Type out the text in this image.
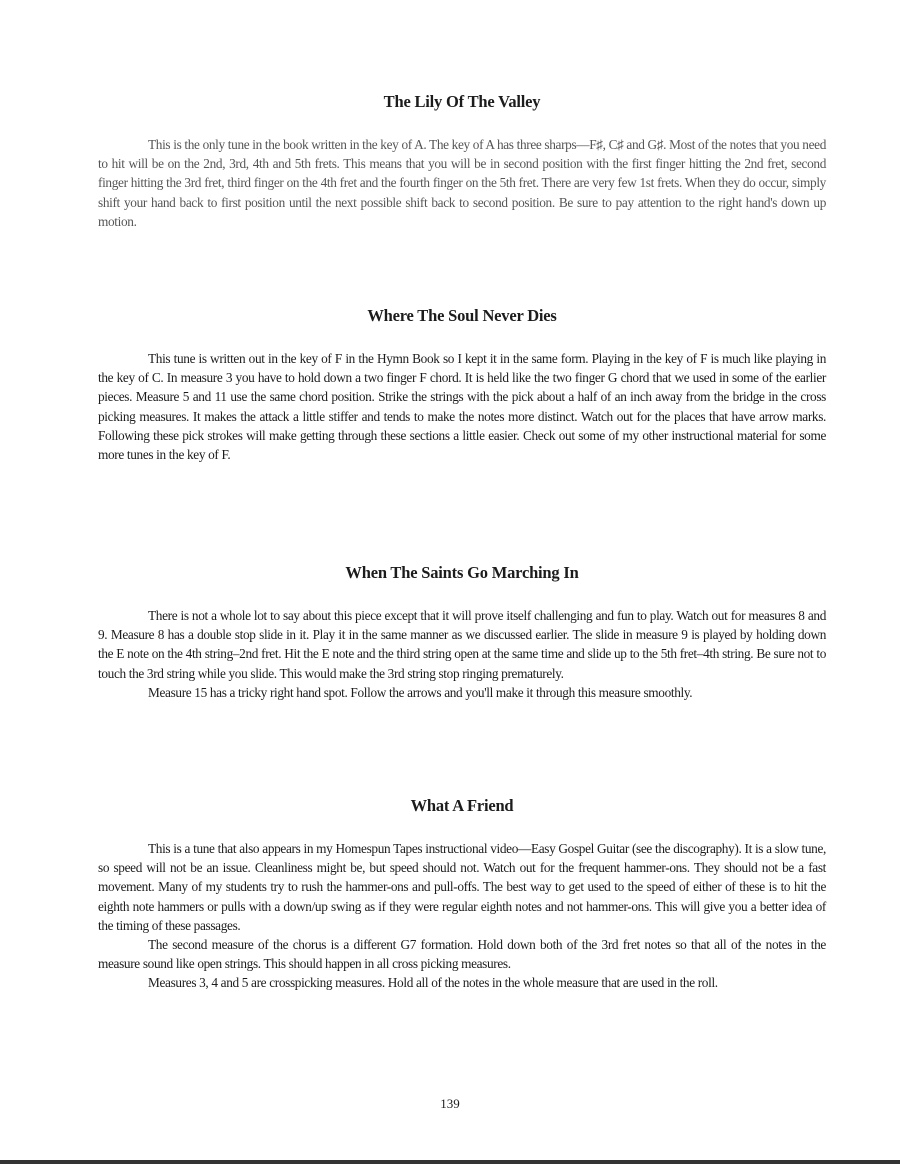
The Lily Of The Valley

This is the only tune in the book written in the key of A. The key of A has three sharps—F♯, C♯ and G♯. Most of the notes that you need to hit will be on the 2nd, 3rd, 4th and 5th frets. This means that you will be in second position with the first finger hitting the 2nd fret, second finger hitting the 3rd fret, third finger on the 4th fret and the fourth finger on the 5th fret. There are very few 1st frets. When they do occur, simply shift your hand back to first position until the next possible shift back to second position. Be sure to pay attention to the right hand's down up motion.

Where The Soul Never Dies

This tune is written out in the key of F in the Hymn Book so I kept it in the same form. Playing in the key of F is much like playing in the key of C. In measure 3 you have to hold down a two finger F chord. It is held like the two finger G chord that we used in some of the earlier pieces. Measure 5 and 11 use the same chord position. Strike the strings with the pick about a half of an inch away from the bridge in the cross picking measures. It makes the attack a little stiffer and tends to make the notes more distinct. Watch out for the places that have arrow marks. Following these pick strokes will make getting through these sections a little easier. Check out some of my other instructional material for some more tunes in the key of F.

When The Saints Go Marching In

There is not a whole lot to say about this piece except that it will prove itself challenging and fun to play. Watch out for measures 8 and 9. Measure 8 has a double stop slide in it. Play it in the same manner as we discussed earlier. The slide in measure 9 is played by holding down the E note on the 4th string–2nd fret. Hit the E note and the third string open at the same time and slide up to the 5th fret–4th string. Be sure not to touch the 3rd string while you slide. This would make the 3rd string stop ringing prematurely.

Measure 15 has a tricky right hand spot. Follow the arrows and you'll make it through this measure smoothly.

What A Friend

This is a tune that also appears in my Homespun Tapes instructional video—Easy Gospel Guitar (see the discography). It is a slow tune, so speed will not be an issue. Cleanliness might be, but speed should not. Watch out for the frequent hammer-ons. They should not be a fast movement. Many of my students try to rush the hammer-ons and pull-offs. The best way to get used to the speed of either of these is to hit the eighth note hammers or pulls with a down/up swing as if they were regular eighth notes and not hammer-ons. This will give you a better idea of the timing of these passages.

The second measure of the chorus is a different G7 formation. Hold down both of the 3rd fret notes so that all of the notes in the measure sound like open strings. This should happen in all cross picking measures.

Measures 3, 4 and 5 are crosspicking measures. Hold all of the notes in the whole measure that are used in the roll.

139
